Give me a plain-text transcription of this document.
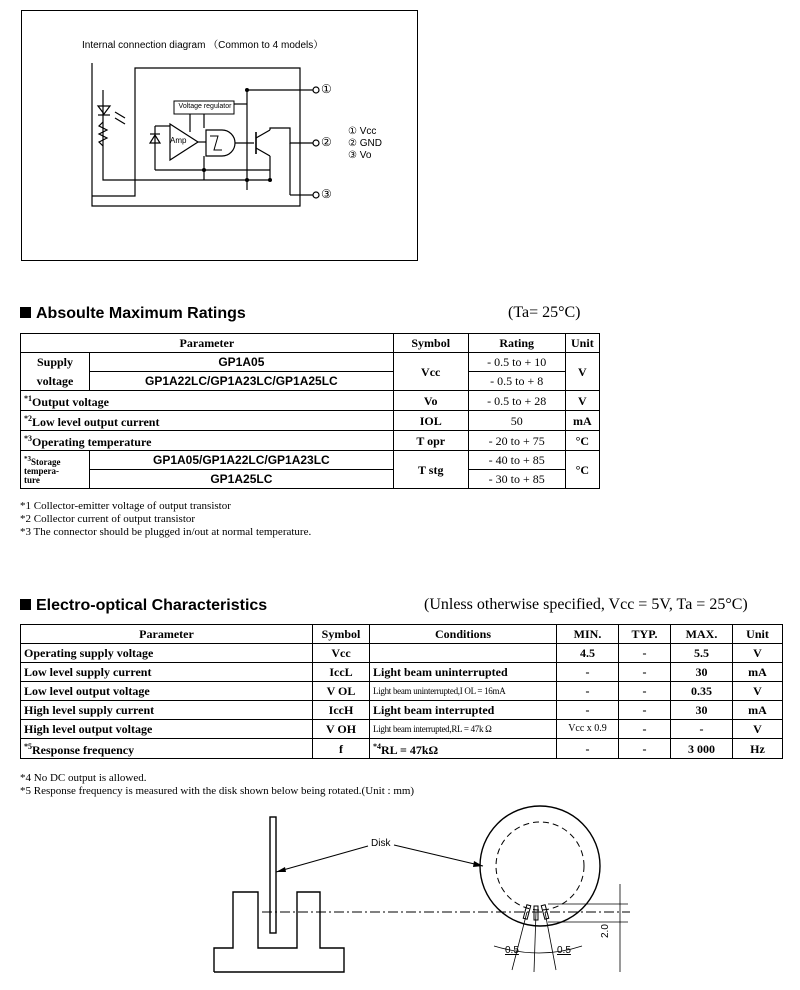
Internal connection diagram （Common to 4 models）
Voltage regulator
Amp
①
②
③
① Vcc
② GND
③ Vo
Absoulte Maximum Ratings	(Ta= 25°C)
Parameter		Symbol	Rating	Unit
Supply	GP1A05	Vcc	- 0.5 to + 10	V
voltage	GP1A22LC/GP1A23LC/GP1A25LC		- 0.5 to + 8	
$^{*1}$Output voltage		Vo	- 0.5 to + 28	V
$^{*2}$Low level output current		IOL	50	mA
$^{*3}$Operating temperature		T opr	- 20 to + 75	°C
$^{*3}$Storage
tempera-
ture	GP1A05/GP1A22LC/GP1A23LC	T stg	- 40 to + 85	°C
	GP1A25LC		- 30 to + 85	
*1 Collector-emitter voltage of output transistor
*2 Collector current of output transistor
*3 The connector should be plugged in/out at normal temperature.
Electro-optical Characteristics	(Unless otherwise specified, Vcc = 5V, Ta = 25°C)
Parameter	Symbol	Conditions	MIN.	TYP.	MAX.	Unit
Operating supply voltage	Vcc		4.5	-	5.5	V
Low level supply current	IccL	Light beam uninterrupted	-	-	30	mA
Low level output voltage	V OL	Light beam uninterrupted,I OL = 16mA	-	-	0.35	V
High level supply current	IccH	Light beam interrupted	-	-	30	mA
High level output voltage	V OH	Light beam interrupted,RL = 47k Ω	Vcc x 0.9	-	-	V
$^{*5}$Response frequency	f	$^{*4}$RL = 47kΩ	-	-	3 000	Hz
*4 No DC output is allowed.
*5 Response frequency is measured with the disk shown below being rotated.(Unit : mm)
Disk
0.5	0.5
2.0
